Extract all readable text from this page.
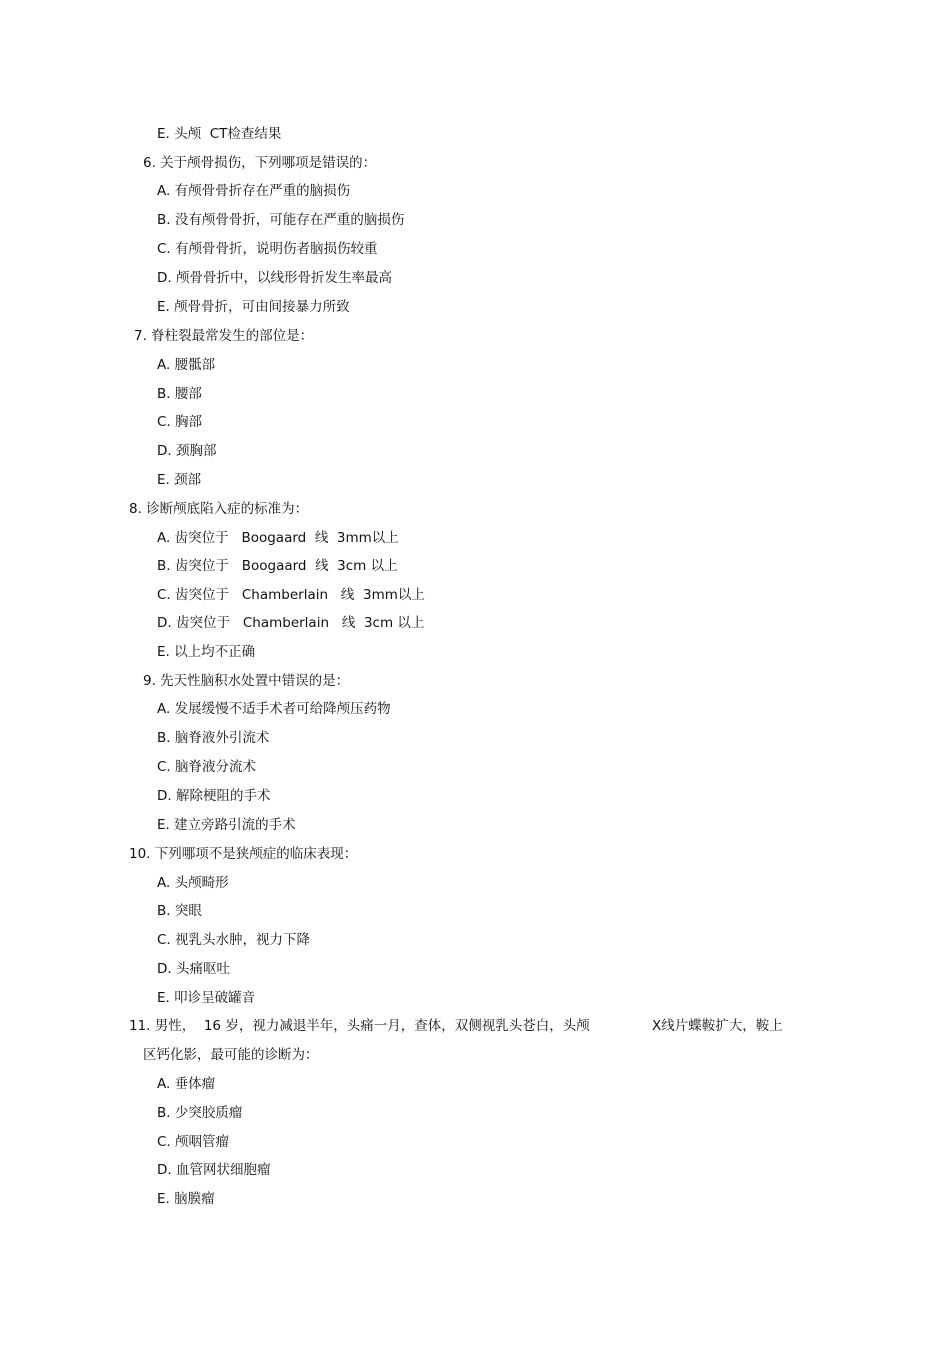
E. 头颅  CT检查结果
6. 关于颅骨损伤，下列哪项是错误的：
A. 有颅骨骨折存在严重的脑损伤
B. 没有颅骨骨折，可能存在严重的脑损伤
C. 有颅骨骨折，说明伤者脑损伤较重
D. 颅骨骨折中，以线形骨折发生率最高
E. 颅骨骨折，可由间接暴力所致
7. 脊柱裂最常发生的部位是：
A. 腰骶部
B. 腰部
C. 胸部
D. 颈胸部
E. 颈部
8. 诊断颅底陷入症的标准为：
A. 齿突位于   Boogaard  线  3mm以上
B. 齿突位于   Boogaard  线  3cm 以上
C. 齿突位于   Chamberlain   线  3mm以上
D. 齿突位于   Chamberlain   线  3cm 以上
E. 以上均不正确
9. 先天性脑积水处置中错误的是：
A. 发展缓慢不适手术者可给降颅压药物
B. 脑脊液外引流术
C. 脑脊液分流术
D. 解除梗阻的手术
E. 建立旁路引流的手术
10. 下列哪项不是狭颅症的临床表现：
A. 头颅畸形
B. 突眼
C. 视乳头水肿，视力下降
D. 头痛呕吐
E. 叩诊呈破罐音
11. 男性，  16 岁，视力减退半年，头痛一月，查体，双侧视乳头苍白，头颅	X线片蝶鞍扩大，鞍上
区钙化影，最可能的诊断为：
A. 垂体瘤
B. 少突胶质瘤
C. 颅咽管瘤
D. 血管网状细胞瘤
E. 脑膜瘤
